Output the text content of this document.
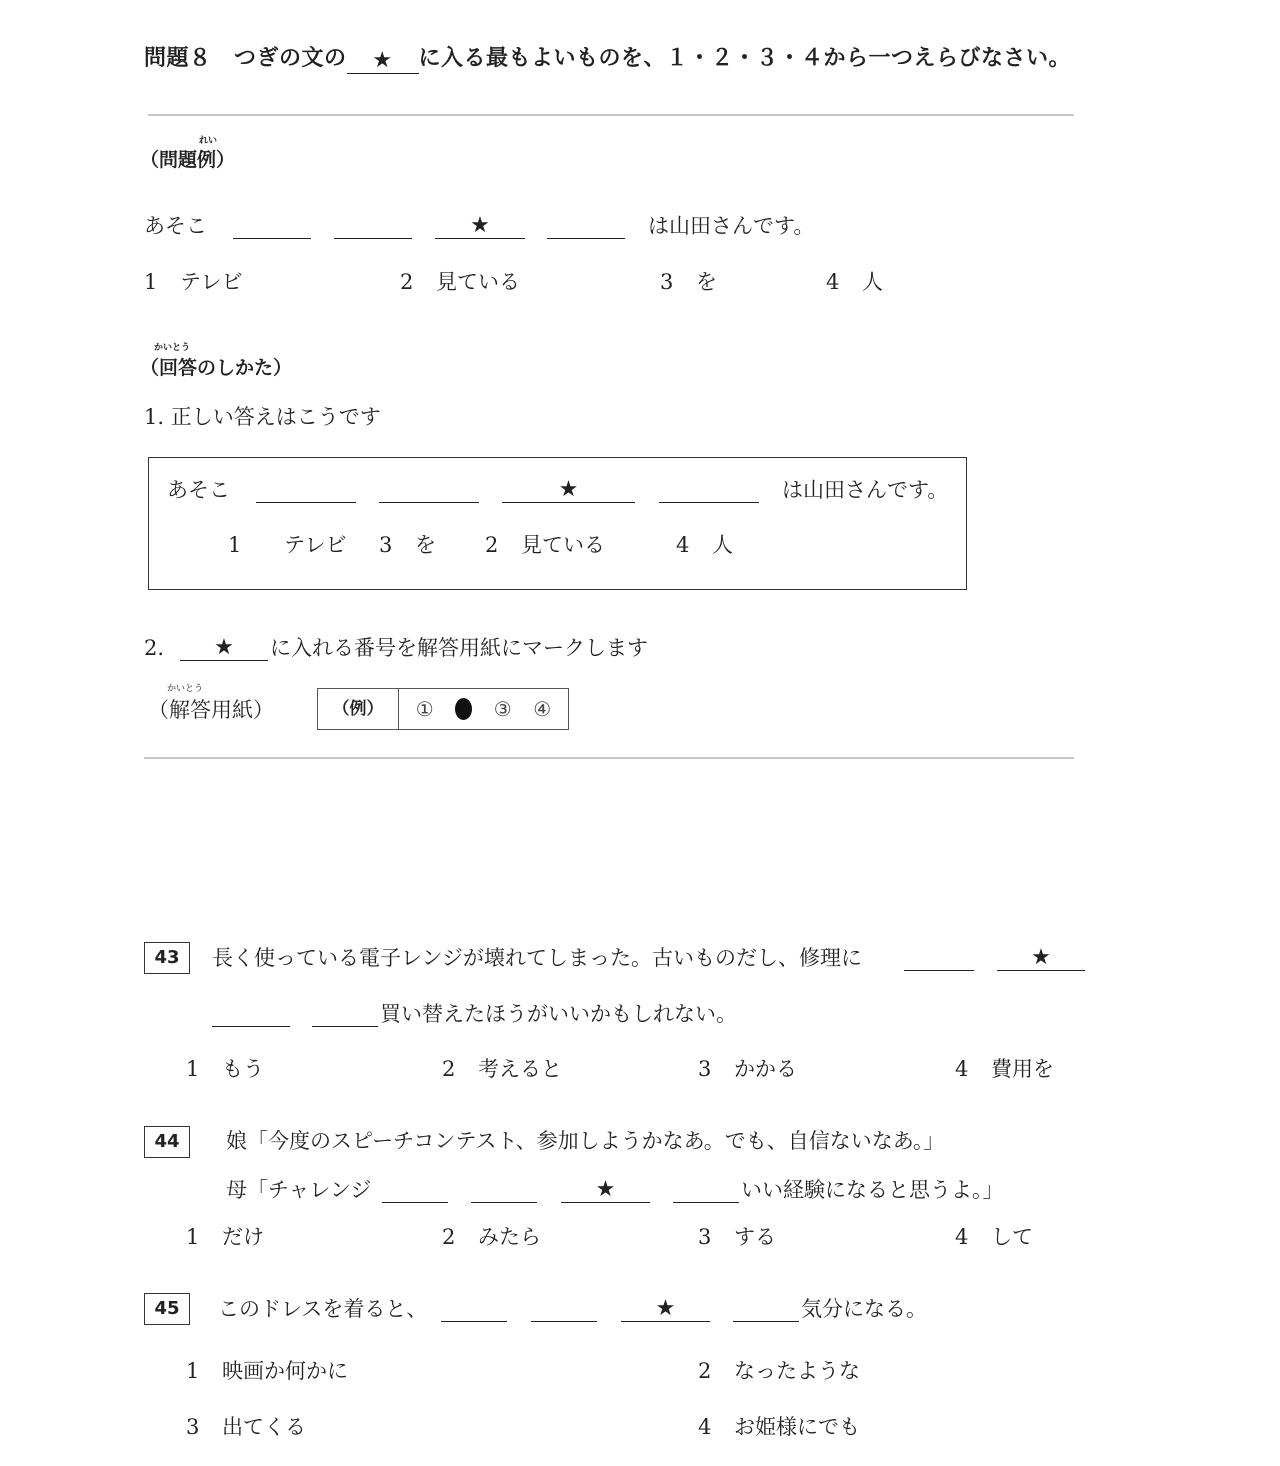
問題８　つぎの文の ★ に入る最もよいものを、１・２・３・４から一つえらびなさい。
れい
（問題例）
あそこ	★	は山田さんです。
1 テレビ	2 見ている	3 を	4 人
かいとう
（回答のしかた）
1. 正しい答えはこうです
あそこ	★	は山田さんです。
1 テレビ 3 を 2 見ている	4 人
2.	★	に入れる番号を解答用紙にマークします
かいとう
（解答用紙）	（例）	①	③ ④
43	長く使っている電子レンジが壊れてしまった。古いものだし、修理に	★
買い替えたほうがいいかもしれない。
1 もう	2 考えると	3 かかる	4 費用を
44	娘「今度のスピーチコンテスト、参加しようかなあ。でも、自信ないなあ。」
母「チャレンジ	★	いい経験になると思うよ。」
1 だけ	2 みたら	3 する	4 して
45	このドレスを着ると、	★	気分になる。
1 映画か何かに	2 なったような
3 出てくる	4 お姫様にでも
